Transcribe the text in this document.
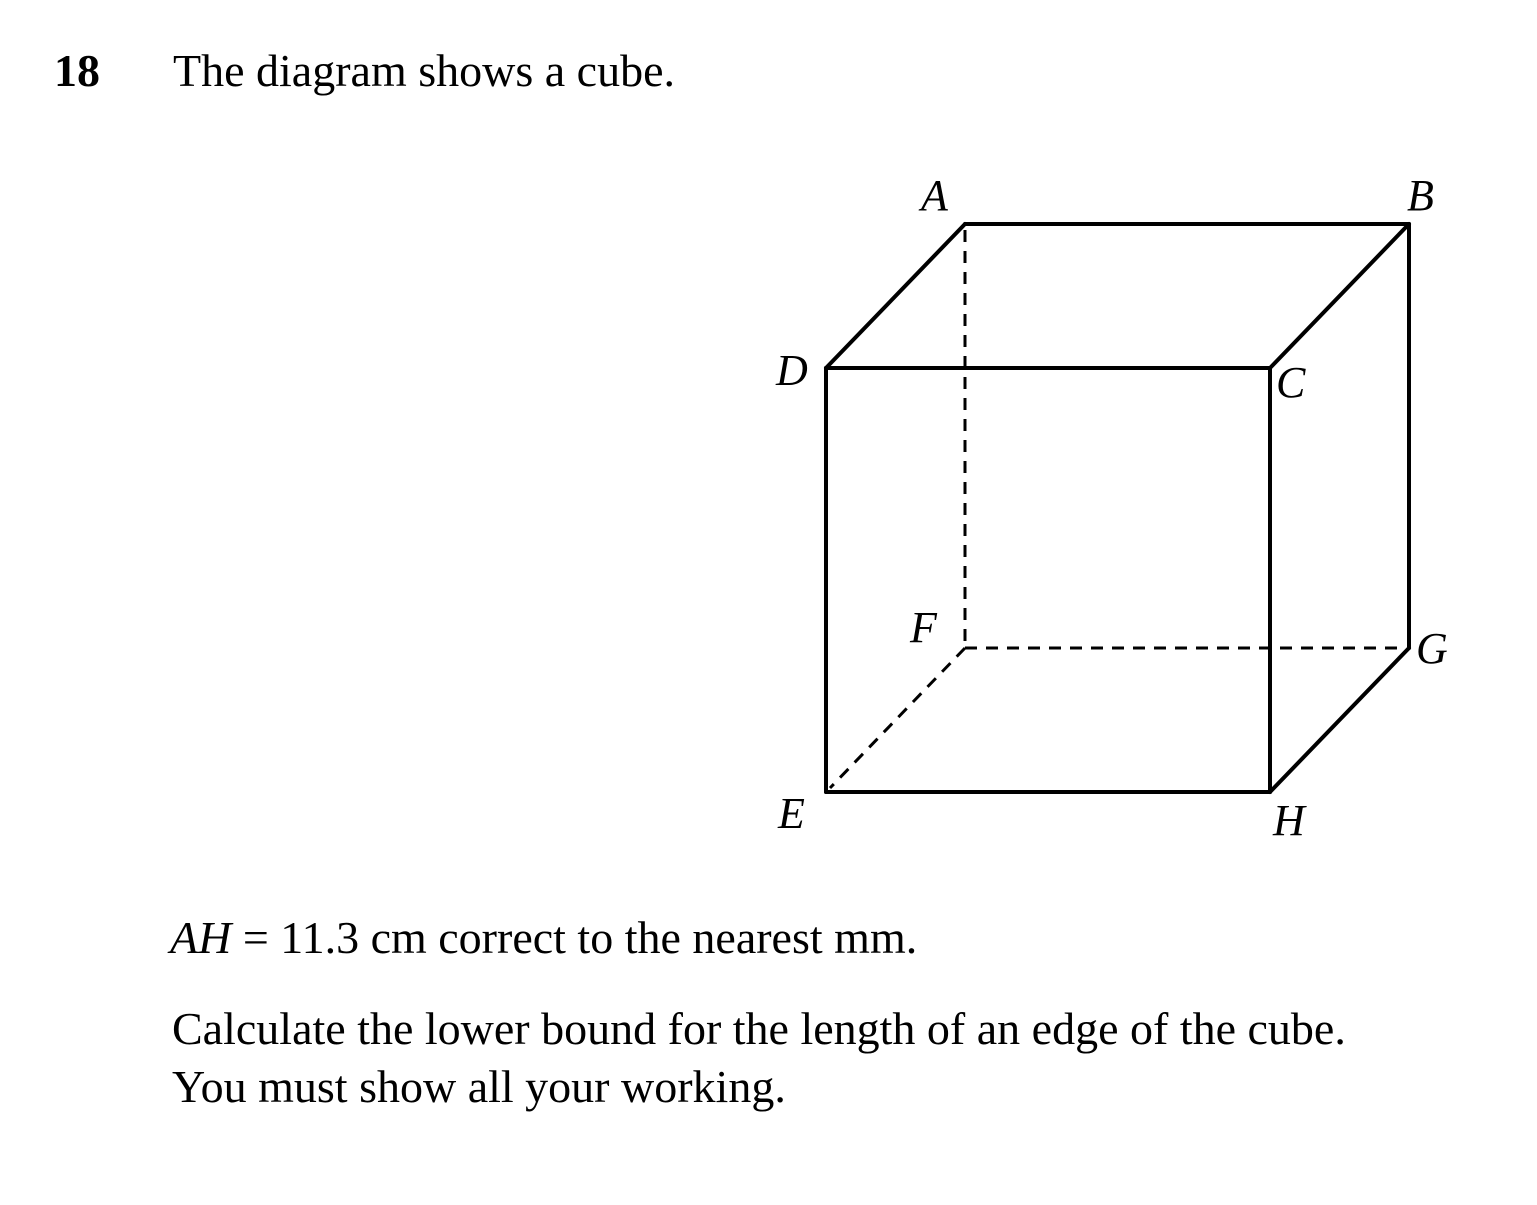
18 The diagram shows a cube.
A	B
C
D
E
F	G
H
AH = 11.3 cm correct to the nearest mm.
Calculate the lower bound for the length of an edge of the cube.
You must show all your working.
